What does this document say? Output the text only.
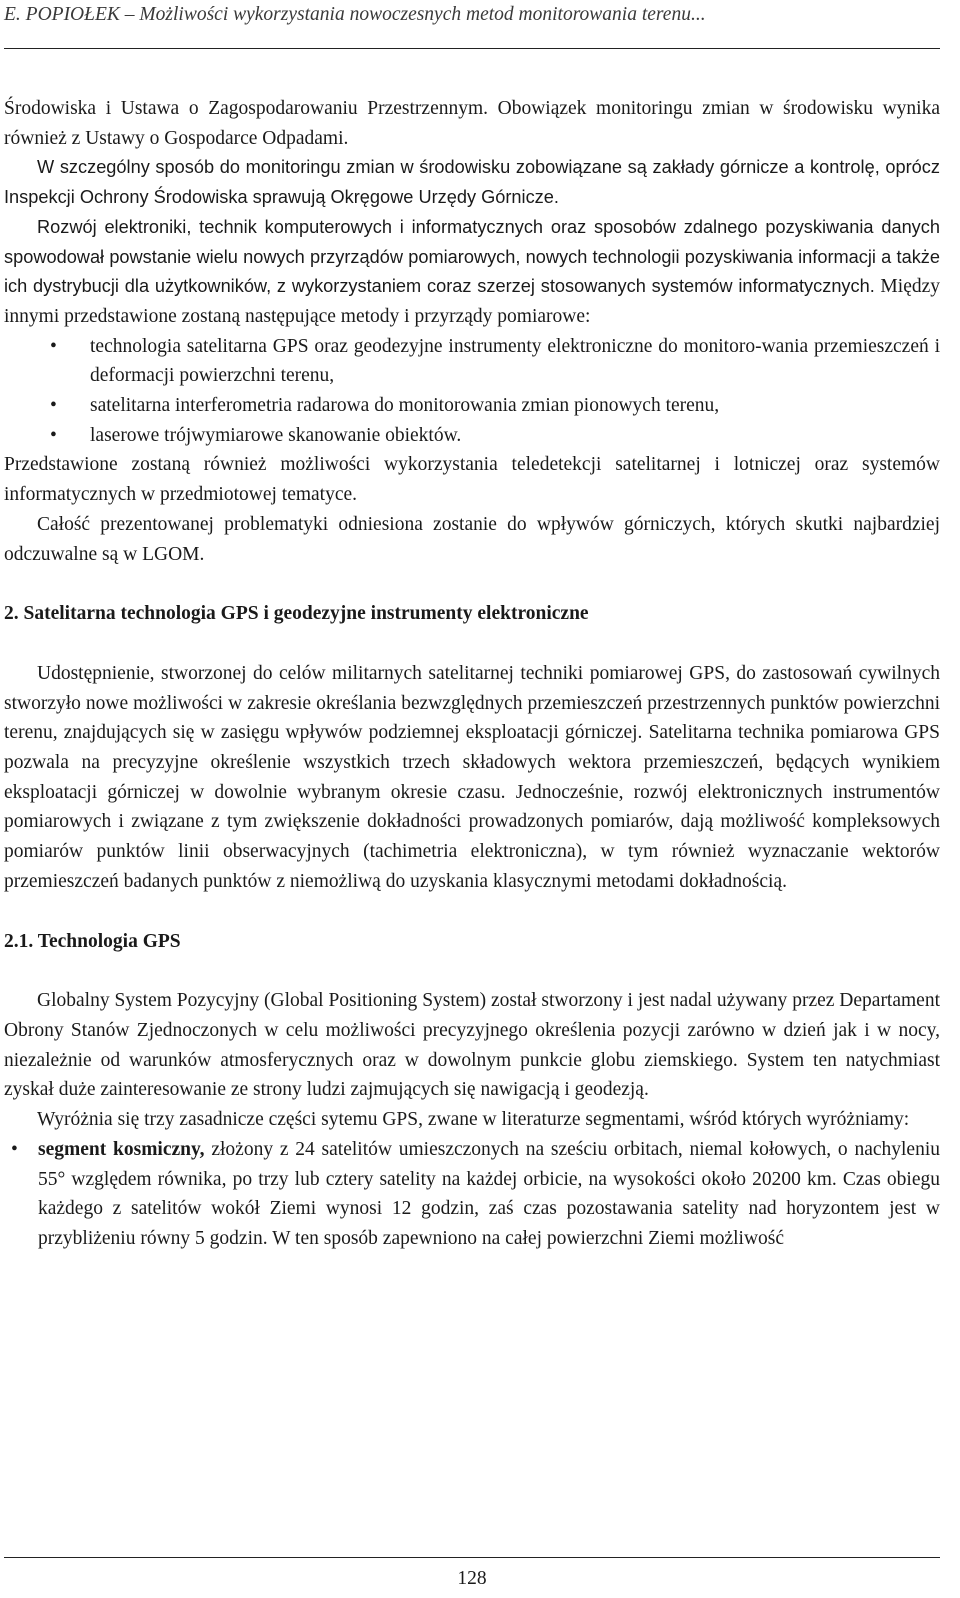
E. POPIOŁEK – Możliwości wykorzystania nowoczesnych metod monitorowania terenu...

Środowiska i Ustawa o Zagospodarowaniu Przestrzennym. Obowiązek monitoringu zmian w środowisku wynika również z Ustawy o Gospodarce Odpadami.

W szczególny sposób do monitoringu zmian w środowisku zobowiązane są zakłady górnicze a kontrolę, oprócz Inspekcji Ochrony Środowiska sprawują Okręgowe Urzędy Górnicze.

Rozwój elektroniki, technik komputerowych i informatycznych oraz sposobów zdalnego pozyskiwania danych spowodował powstanie wielu nowych przyrządów pomiarowych, nowych technologii pozyskiwania informacji a także ich dystrybucji dla użytkowników, z wykorzystaniem coraz szerzej stosowanych systemów informatycznych. Między innymi przedstawione zostaną następujące metody i przyrządy pomiarowe:

• technologia satelitarna GPS oraz geodezyjne instrumenty elektroniczne do monitoro-wania przemieszczeń i deformacji powierzchni terenu,
• satelitarna interferometria radarowa do monitorowania zmian pionowych terenu,
• laserowe trójwymiarowe skanowanie obiektów.

Przedstawione zostaną również możliwości wykorzystania teledetekcji satelitarnej i lotniczej oraz systemów informatycznych w przedmiotowej tematyce.

Całość prezentowanej problematyki odniesiona zostanie do wpływów górniczych, których skutki najbardziej odczuwalne są w LGOM.

2. Satelitarna technologia GPS i geodezyjne instrumenty elektroniczne

Udostępnienie, stworzonej do celów militarnych satelitarnej techniki pomiarowej GPS, do zastosowań cywilnych stworzyło nowe możliwości w zakresie określania bezwzględnych przemieszczeń przestrzennych punktów powierzchni terenu, znajdujących się w zasięgu wpływów podziemnej eksploatacji górniczej. Satelitarna technika pomiarowa GPS pozwala na precyzyjne określenie wszystkich trzech składowych wektora przemieszczeń, będących wynikiem eksploatacji górniczej w dowolnie wybranym okresie czasu. Jednocześnie, rozwój elektronicznych instrumentów pomiarowych i związane z tym zwiększenie dokładności prowadzonych pomiarów, dają możliwość kompleksowych pomiarów punktów linii obserwacyjnych (tachimetria elektroniczna), w tym również wyznaczanie wektorów przemieszczeń badanych punktów z niemożliwą do uzyskania klasycznymi metodami dokładnością.

2.1. Technologia GPS

Globalny System Pozycyjny (Global Positioning System) został stworzony i jest nadal używany przez Departament Obrony Stanów Zjednoczonych w celu możliwości precyzyjnego określenia pozycji zarówno w dzień jak i w nocy, niezależnie od warunków atmosferycznych oraz w dowolnym punkcie globu ziemskiego. System ten natychmiast zyskał duże zainteresowanie ze strony ludzi zajmujących się nawigacją i geodezją.

Wyróżnia się trzy zasadnicze części sytemu GPS, zwane w literaturze segmentami, wśród których wyróżniamy:

• segment kosmiczny, złożony z 24 satelitów umieszczonych na sześciu orbitach, niemal kołowych, o nachyleniu 55° względem równika, po trzy lub cztery satelity na każdej orbicie, na wysokości około 20200 km. Czas obiegu każdego z satelitów wokół Ziemi wynosi 12 godzin, zaś czas pozostawania satelity nad horyzontem jest w przybliżeniu równy 5 godzin. W ten sposób zapewniono na całej powierzchni Ziemi możliwość
128
